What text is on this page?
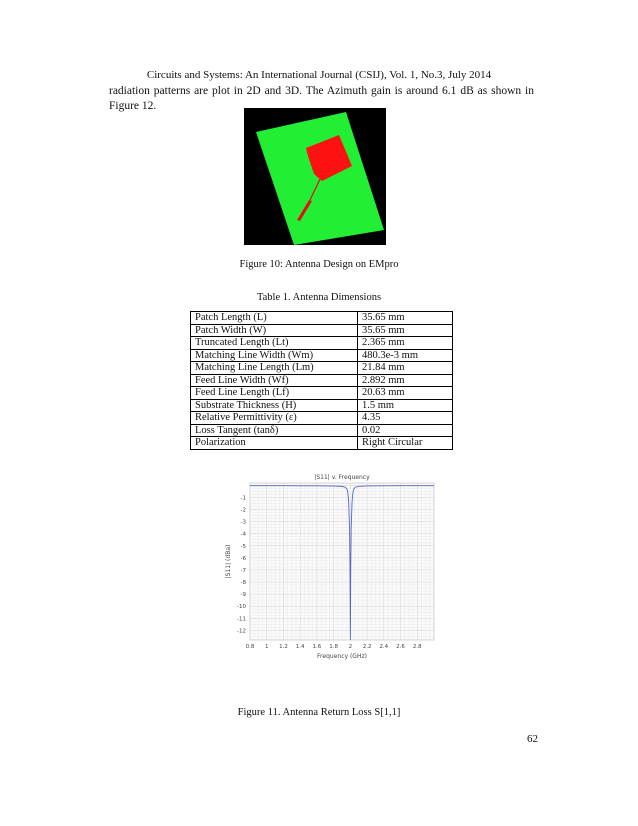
Circuits and Systems: An International Journal (CSIJ), Vol. 1, No.3, July 2014
radiation patterns are plot in 2D and 3D. The Azimuth gain is around 6.1 dB as shown in Figure 12.
Figure 10: Antenna Design on EMpro
Table 1. Antenna Dimensions
Patch Length (L)	35.65 mm
Patch Width (W)	35.65 mm
Truncated Length (Lt)	2.365 mm
Matching Line Width (Wm)	480.3e-3 mm
Matching Line Length (Lm)	21.84 mm
Feed Line Width (Wf)	2.892 mm
Feed Line Length (Lf)	20.63 mm
Substrate Thickness (H)	1.5 mm
Relative Permittivity (ε)	4.35
Loss Tangent (tanδ)	0.02
Polarization	Right Circular
0.8 1 1.2 1.4 1.6 1.8 2 2.2 2.4 2.6 2.8
-1
-2
-3
-4
-5
-6
-7
-8
-9
-10
-11
-12
|S11| v. Frequency
Frequency (GHz)
|S11| (dBa)
Figure 11. Antenna Return Loss S[1,1]
62
